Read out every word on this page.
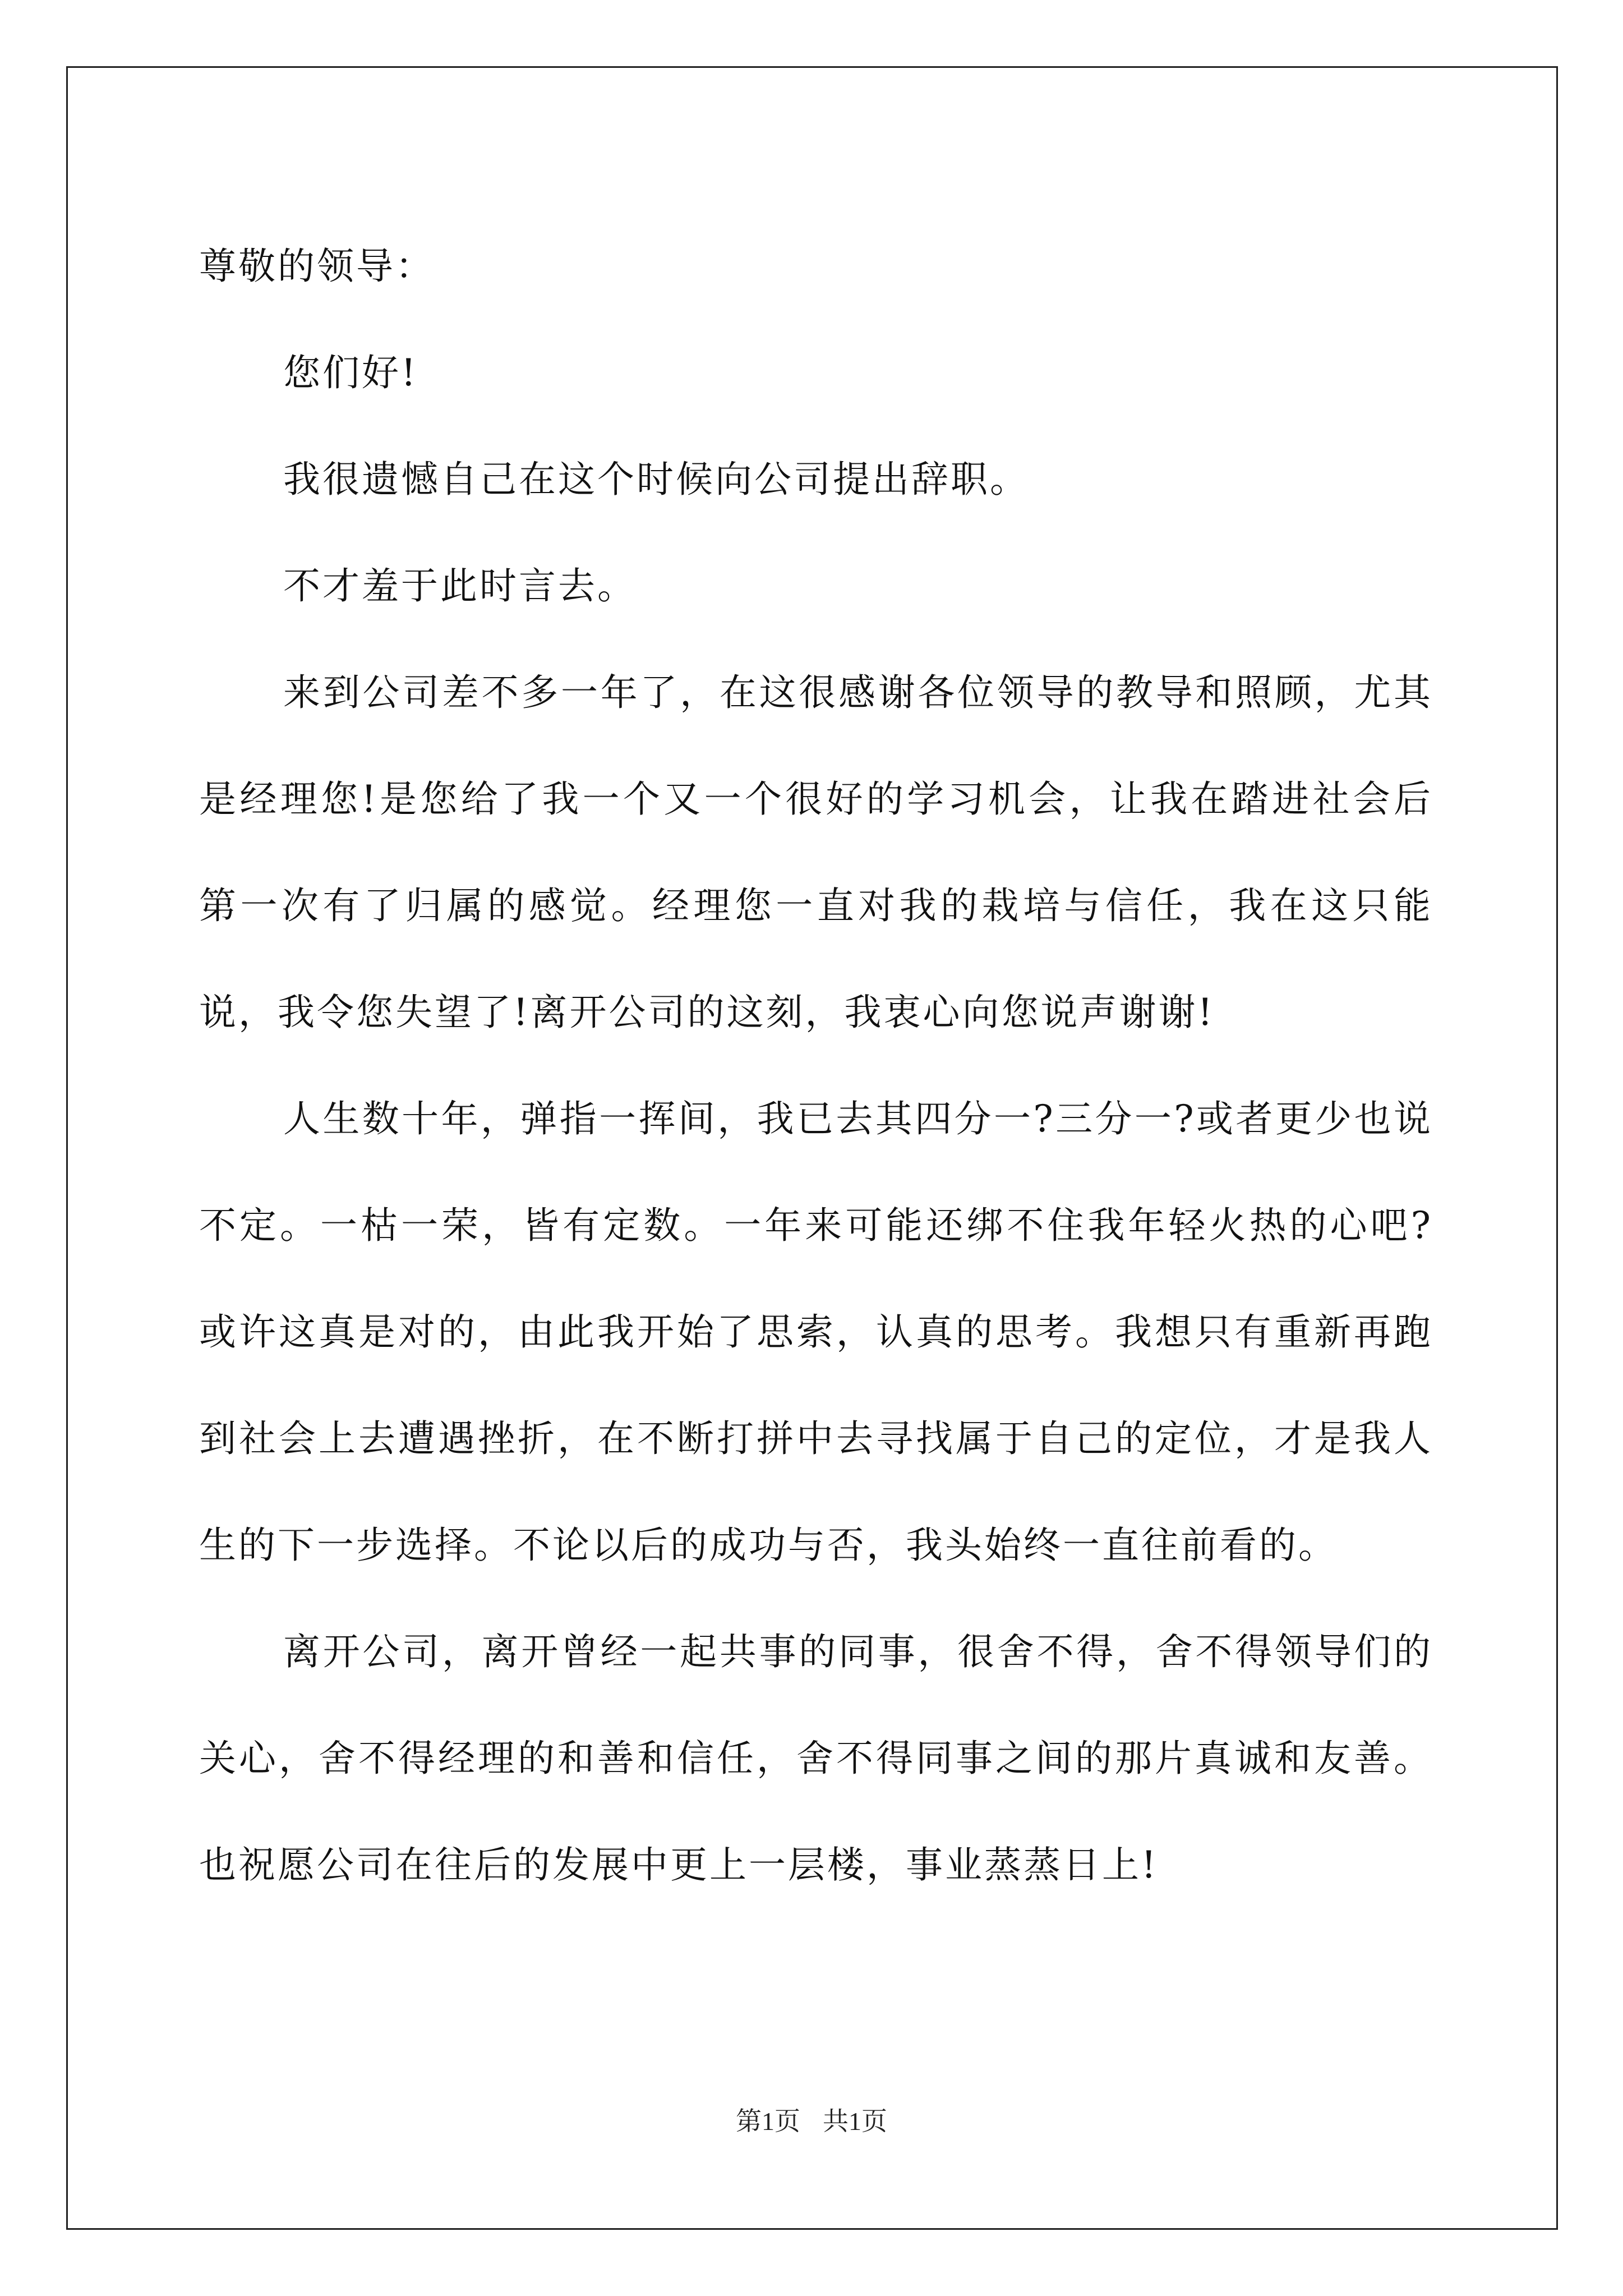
尊敬的领导：

您们好!

我很遗憾自己在这个时候向公司提出辞职。

不才羞于此时言去。

来到公司差不多一年了，在这很感谢各位领导的教导和照顾，尤其是经理您!是您给了我一个又一个很好的学习机会，让我在踏进社会后第一次有了归属的感觉。经理您一直对我的栽培与信任，我在这只能说，我令您失望了!离开公司的这刻，我衷心向您说声谢谢!

人生数十年，弹指一挥间，我已去其四分一?三分一?或者更少也说不定。一枯一荣，皆有定数。一年来可能还绑不住我年轻火热的心吧?或许这真是对的，由此我开始了思索，认真的思考。我想只有重新再跑到社会上去遭遇挫折，在不断打拼中去寻找属于自己的定位，才是我人生的下一步选择。不论以后的成功与否，我头始终一直往前看的。

离开公司，离开曾经一起共事的同事，很舍不得，舍不得领导们的关心，舍不得经理的和善和信任，舍不得同事之间的那片真诚和友善。也祝愿公司在往后的发展中更上一层楼，事业蒸蒸日上!

第1页 共1页
